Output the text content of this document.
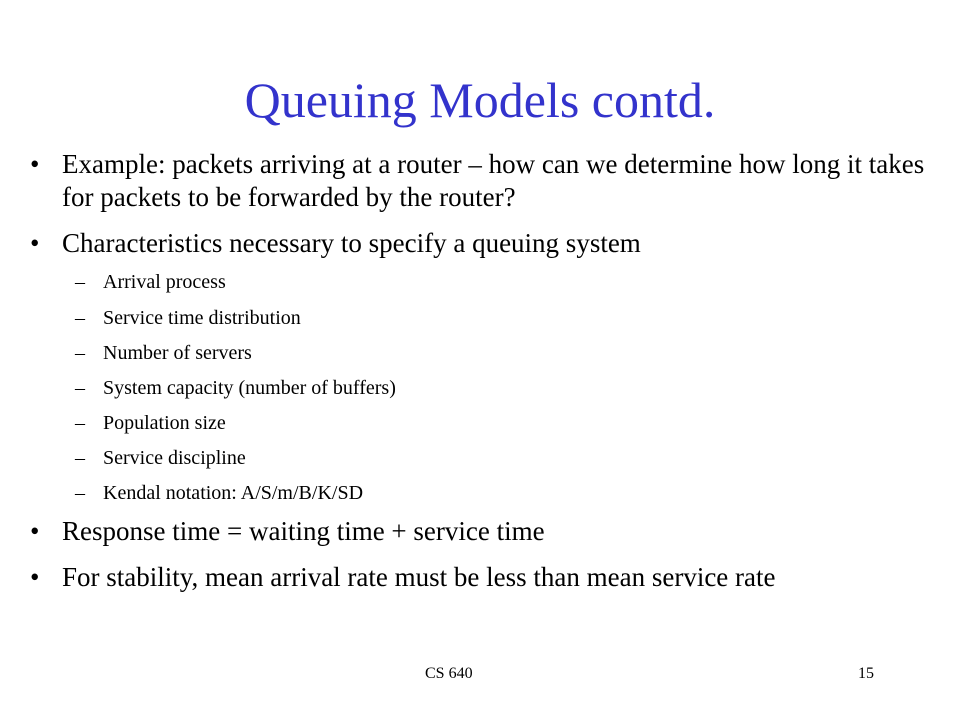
Queuing Models contd.
• Example: packets arriving at a router – how can we determine how long it takes for packets to be forwarded by the router?
• Characteristics necessary to specify a queuing system
– Arrival process
– Service time distribution
– Number of servers
– System capacity (number of buffers)
– Population size
– Service discipline
– Kendal notation: A/S/m/B/K/SD
• Response time = waiting time + service time
• For stability, mean arrival rate must be less than mean service rate
CS 640	15
